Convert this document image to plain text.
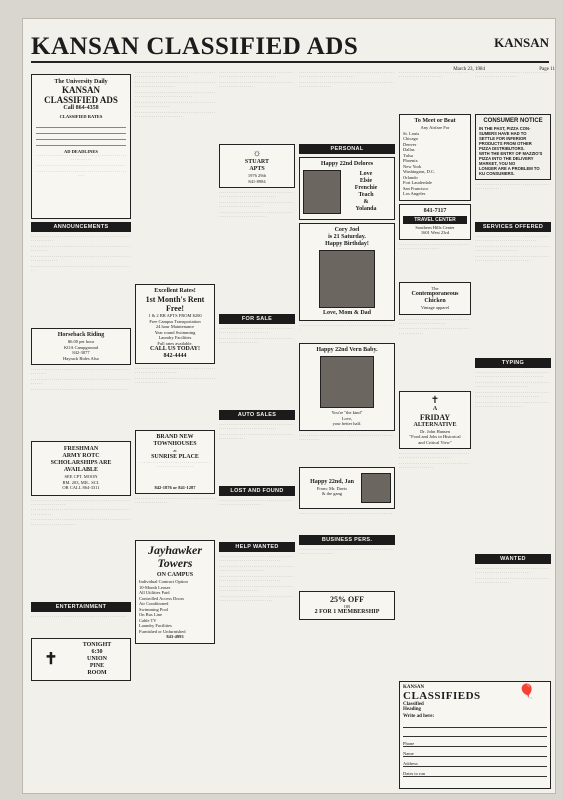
KANSAN CLASSIFIED ADS	KANSAN
March 23, 1984	Page 11
The University Daily
KANSAN CLASSIFIED ADS
Call 864-4358
CLASSIFIED RATES

AD DEADLINES

· · · · · · · · · · · · · · · · · · · · · · · · · · · · · · · · · · · · · · · · · · · · · · · · · · · · · · · · · ·

· · · · · · · · · · · · · · · · · · · · · · · · · · · · · · · · · · · · · · · · · · · · · ·

· · · · · · · · · · · · · · · · · · · · · · · · · · · · · · · · · · · · · · · · · · · · · · · · · · ·

ANNOUNCEMENTS

· · · · · · · · · · · · · · · · · · · · · · · · · · · · · · · · · · · · · · · · · · · · · · · · · · · · · · · · · · · · · · · ·

· · · · · · · · · · · · · · · · · · · · · · · · · · · · · · · · · · · · · · · · · · · · · · · · · · · · · · · · · · · · ·

· · · · · · · · · · · · · · · · · · · · · · · · · · · · · · · · · · · · · · · · · · · · · · · · · · · · · · · · · · · · · · · · · ·

· · · · · · · · · · · · · · · · · · · · · · · · · · · · · · · · · · · · · · · · · · · · · · · · · · · · · ·

Horseback Riding
$6.00 per hour
KOA Campground
842-3877
Hayrack Rides Also

· · · · · · · · · · · · · · · · · · · · · · · · · · · · · · · · · · · · · · · · · · · · · · · · · · · · · · · · · · · ·

· · · · · · · · · · · · · · · · · · · · · · · · · · · · · · · · · · · · · · · · · · · · · · · · · · · · · · · · · ·

· · · · · · · · · · · · · · · · · · · · · · · · · · · · · · · · · · · · · · · · · · · · · · · · · · ·

FRESHMAN
ARMY ROTC
SCHOLARSHIPS ARE
AVAILABLE
SEE CPT. MOON
RM. 203, MIL. SCI.
OR CALL 864-3311

· · · · · · · · · · · · · · · · · · · · · · · · · · · · · · · · · · · · · · · · · · · · · · · · · · · · · · · · · · · · · · · · · · · · · ·

· · · · · · · · · · · · · · · · · · · · · · · · · · · · · · · · · · · · · · · · · · · · · · · · · · · · · · · · · · · · · · ·

· · · · · · · · · · · · · · · · · · · · · · · · · · · · · · · · · · · · · · · · · · · · · · · · · · · · · · · · · · · · · · · · · · · · · · · · · · · ·

ENTERTAINMENT

· · · · · · · · · · · · · · · · · · · · · · · · · · · · · · · · · · · · · · · · · · · · · · · · · ·

✝
TONIGHT
6:30
UNION
PINE
ROOM

· · · · · · · · · · · · · · · · · · · · · · · · · · · · · · · · · · · · · · · · · · · · · · · · · · · · · · · · · · · · · · · · · · · · · ·

· · · · · · · · · · · · · · · · · · · · · · · · · · · · · · · · · · · · · · · · · · · · · · · · · · · · · · · · · · · · · · ·

· · · · · · · · · · · · · · · · · · · · · · · · · · · · · · · · · · · · · · · · · · · · · · · · · · · · · · · · · · · · · · · · · · · · · · · ·

· · · · · · · · · · · · · · · · · · · · · · · · · · · · · · · · · · · · · · · · · · · · · · · · · · · · · · · · · · · ·

· · · · · · · · · · · · · · · · · · · · · · · · · · · · · · · · · · · · · · · · · · · · · · · · · · · · · · · · · · · · · · · · · · ·

Excellent Rates!
1st Month's Rent Free!
1 & 2 BR APTS FROM $200
Free Campus Transportation
24 hour Maintenance
Year round Swimming
Laundry Facilities
Full rates available.
CALL US TODAY!
842-4444

· · · · · · · · · · · · · · · · · · · · · · · · · · · · · · · · · · · · · · · · · · · · · · · · · · · · · · · · · · · · · · · ·

· · · · · · · · · · · · · · · · · · · · · · · · · · · · · · · · · · · · · · · · · · · · · · · · · · · · · · · · · · ·

BRAND NEW
TOWNHOUSES
at
SUNRISE PLACE

· · · · · · · · · · · · · · · · · · · · · · · · · · · · · · · · · · · · · · · · · · · · · · · · · · · · · · · ·

842-1876 or 841-1287

· · · · · · · · · · · · · · · · · · · · · · · · · · · · · · · · · · · · · · · · · · · · · · · · · · · · · · · · · · ·

Jayhawker
Towers
ON CAMPUS
Individual Contract Option
10-Month Leases
All Utilities Paid
Controlled Access Doors
Air Conditioned
Swimming Pool
On Bus Line
Cable TV
Laundry Facilities
Furnished or Unfurnished
843-4993

· · · · · · · · · · · · · · · · · · · · · · · · · · · · · · · · · · · · · · · · · · · · · · · · · · · · · · · · · · · · · · · · · · · · ·

· · · · · · · · · · · · · · · · · · · · · · · · · · · · · · · · · · · · · · · · · · · · · · · · · · · · · · · · ·

☼
STUART
APTS
1976 29th
841-8984

· · · · · · · · · · · · · · · · · · · · · · · · · · · · · · · · · · · · · · · · · · · · · · · · · · · · · · · · · · · · · · · · · · · · ·

· · · · · · · · · · · · · · · · · · · · · · · · · · · · · · · · · · · · · · · · · · · · · · · · · · · · · · · · · · · · ·

· · · · · · · · · · · · · · · · · · · · · · · · · · · · · · · · · · · · · · · · · · · · · · · · · · · · · · · · · · · · · · · ·

FOR SALE

· · · · · · · · · · · · · · · · · · · · · · · · · · · · · · · · · · · · · · · · · · · · · · · · · · · · · · · · · · · · · · · · ·

· · · · · · · · · · · · · · · · · · · · · · · · · · · · · · · · · · · · · · · · · · · · · · · · · · · · · · · · · · ·

AUTO SALES

· · · · · · · · · · · · · · · · · · · · · · · · · · · · · · · · · · · · · · · · · · · · · · · · · · · · · · · · · · · · · · · · · · · · ·

· · · · · · · · · · · · · · · · · · · · · · · · · · · · · · · · · · · · · · · · · · · · · · · · · · · · ·

LOST AND FOUND

· · · · · · · · · · · · · · · · · · · · · · · · · · · · · · · · · · · · · · · · · · · · · · · · · · · · · · · · · · · · ·

HELP WANTED

· · · · · · · · · · · · · · · · · · · · · · · · · · · · · · · · · · · · · · · · · · · · · · · · · · · · · · · · · · · · · · · · · · · · · · ·

· · · · · · · · · · · · · · · · · · · · · · · · · · · · · · · · · · · · · · · · · · · · · · · · · · · · · · · · · · · · · · ·

· · · · · · · · · · · · · · · · · · · · · · · · · · · · · · · · · · · · · · · · · · · · · · · · · · · · · · · · · · · · · · · · · · · · · · ·

· · · · · · · · · · · · · · · · · · · · · · · · · · · · · · · · · · · · · · · · · · · · · · · · · · · · · · · · · · ·

· · · · · · · · · · · · · · · · · · · · · · · · · · · · · · · · · · · · · · · · · · · · · · · · · · · · · · · · · · · · · · · · · · ·

· · · · · · · · · · · · · · · · · · · · · · · · · · · · · · · · · · · · · · · · · · · · · · · · · · · · · · · · · · · · · · · · · · · · · · · · · · · · · · ·

· · · · · · · · · · · · · · · · · · · · · · · · · · · · · · · · · · · · · · · · · · · · · · · · · · · · · · · · · · · · · · · · · · ·

PERSONAL
Happy 22nd Delores
Love
Elsie
Frenchie
Teach
&
Yolanda
Cory Joel
is 21 Saturday.
Happy Birthday!
Love, Mom & Dad

· · · · · · · · · · · · · · · · · · · · · · · · · · · · · · · · · · · · · · · · · · · · · · · · · · ·

Happy 22nd Vern Baby.
You're "the kind"
Love,
your better half.

· · · · · · · · · · · · · · · · · · · · · · · · · · · · · · · · · · · · · · · · · · · · · · · · · · · · · · · · · · · · ·

Happy 22nd, Jan
From: Mr. Davis
& the gang

· · · · · · · · · · · · · · · · · · · · · · · · · · · · · · · · · · · · · · · · · · · · · · · · ·

BUSINESS PERS.

· · · · · · · · · · · · · · · · · · · · · · · · · · · · · · · · · · · · · · · · · · · · · · · · · · · · · · · · · · · · · · · · · · · ·

25% OFF
OR
2 FOR 1 MEMBERSHIP

· · · · · · · · · · · · · · · · · · · · · · · · · · · · · · · · · · · · · · · · · · · · · · · · · · · · · · · · · · · ·

To Meet or Beat
Any Airfare For
St. Louis
Chicago
Denver
Dallas
Tulsa
Phoenix
New York
Washington, D.C.
Orlando
Fort Lauderdale
San Francisco
Los Angeles
841-7117
TRAVEL CENTER
Southern Hills Center
1601 West 23rd

· · · · · · · · · · · · · · · · · · · · · · · · · · · · · · · · · · · · · · · · · · · · · · · · · · · · · · · · · ·

The
Contemporaneous Chicken
Vintage apparel

· · · · · · · · · · · · · · · · · · · · · · · · · · · · · · · · · · · · · · · · · · · · · · · · · · · · · · · · · · · · · ·

· · · · · · · · · · · · · · · · · · · · · · · · · · · · · · · · · · · · · · · · · · · · · · · · · ·

✝
A
FRIDAY
ALTERNATIVE
Dr. John Hansen
"Food and Jobs in Historical
and Critical View"

· · · · · · · · · · · · · · · · · · · · · · · · · · · · · · · · · · · · · · · · · · · · · · · · · · · · · · · · · · · · · · · ·

· · · · · · · · · · · · · · · · · · · · · · · · · · · · · · · · · · · · · · · · · · · · · · · · · · · · · · ·

· · · · · · · · · · · · · · · · · · · · · · · · · · · · · · · · · · · · · · · · · · · · · · · · · · · · · · · · · · · · ·

CONSUMER NOTICE
IN THE PAST, PIZZA CON-
SUMERS HAVE HAD TO
SETTLE FOR INFERIOR
PRODUCTS FROM OTHER
PIZZA DISTRIBUTORS.
WITH THE ENTRY OF MAZZIO'S
PIZZA INTO THE DELIVERY
MARKET, YOU NO
LONGER ARE A PROBLEM TO
KU CONSUMERS.

· · · · · · · · · · · · · · · · · · · · · · · · · · · · · · · · · · · · · · · · · · · · · · · · · · · · ·

SERVICES OFFERED

· · · · · · · · · · · · · · · · · · · · · · · · · · · · · · · · · · · · · · · · · · · · · · · · · · · · · · · · · · · · · · · · · · · · · · ·

· · · · · · · · · · · · · · · · · · · · · · · · · · · · · · · · · · · · · · · · · · · · · · · · · · · · · · · · · · · · · ·

· · · · · · · · · · · · · · · · · · · · · · · · · · · · · · · · · · · · · · · · · · · · · · · · · · · · · · · · · · · · · · · · · · · ·

TYPING

· · · · · · · · · · · · · · · · · · · · · · · · · · · · · · · · · · · · · · · · · · · · · · · · · · · · · · · · · · · · · · · · · · · · · · · · · · ·

· · · · · · · · · · · · · · · · · · · · · · · · · · · · · · · · · · · · · · · · · · · · · · · · · · · · · · · · · · · · · · · · · · ·

· · · · · · · · · · · · · · · · · · · · · · · · · · · · · · · · · · · · · · · · · · · · · · · · · · · · · · · · · · · · · · · · · · · · · · · · ·

· · · · · · · · · · · · · · · · · · · · · · · · · · · · · · · · · · · · · · · · · · · · · · · · · · · · · · · · · · · · · · · ·

WANTED

· · · · · · · · · · · · · · · · · · · · · · · · · · · · · · · · · · · · · · · · · · · · · · · · · · · · · · · · · · · · · · · · · · · ·

· · · · · · · · · · · · · · · · · · · · · · · · · · · · · · · · · · · · · · · · · · · · · · · · · · · · · · · · ·

KANSAN
CLASSIFIEDS
Classified
Heading
Write ad here:
🎈
Phone
Name
Address
Dates to run
